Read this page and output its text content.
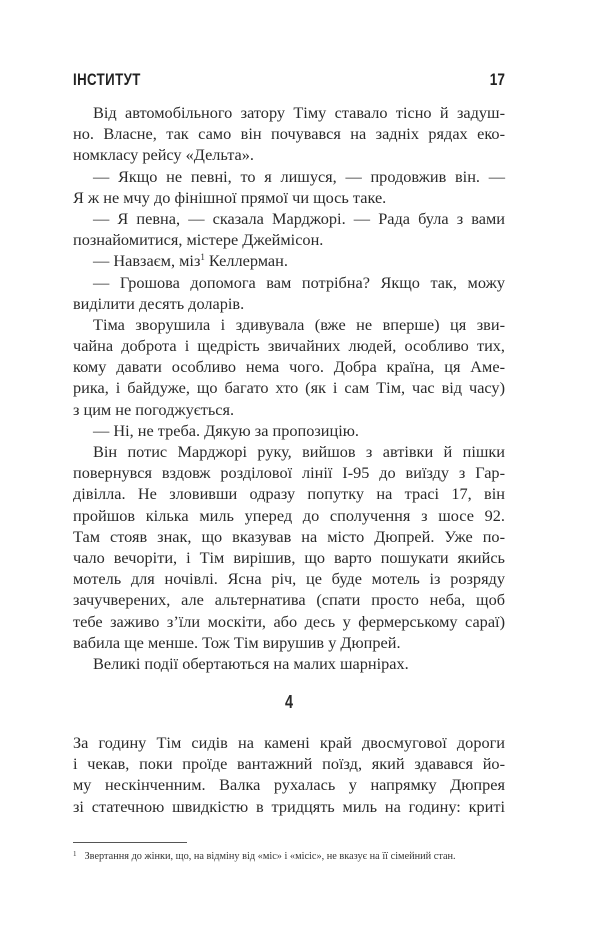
ІНСТИТУТ	17
Від автомобільного затору Тіму ставало тісно й задуш-
но. Власне, так само він почувався на задніх рядах еко-
номкласу рейсу «Дельта».
— Якщо не певні, то я лишуся, — продовжив він. —
Я ж не мчу до фінішної прямої чи щось таке.
— Я певна, — сказала Марджорі. — Рада була з вами
познайомитися, містере Джеймісон.
— Навзаєм, міз$^1$ Келлерман.
— Грошова допомога вам потрібна? Якщо так, можу
виділити десять доларів.
Тіма зворушила і здивувала (вже не вперше) ця зви-
чайна доброта і щедрість звичайних людей, особливо тих,
кому давати особливо нема чого. Добра країна, ця Аме-
рика, і байдуже, що багато хто (як і сам Тім, час від часу)
з цим не погоджується.
— Ні, не треба. Дякую за пропозицію.
Він потис Марджорі руку, вийшов з автівки й пішки
повернувся вздовж розділової лінії І-95 до виїзду з Гар-
дівілла. Не зловивши одразу попутку на трасі 17, він
пройшов кілька миль уперед до сполучення з шосе 92.
Там стояв знак, що вказував на місто Дюпрей. Уже по-
чало вечоріти, і Тім вирішив, що варто пошукати якийсь
мотель для ночівлі. Ясна річ, це буде мотель із розряду
зачучверених, але альтернатива (спати просто неба, щоб
тебе заживо з’їли москіти, або десь у фермерському сараї)
вабила ще менше. Тож Тім вирушив у Дюпрей.
Великі події обертаються на малих шарнірах.
4
За годину Тім сидів на камені край двосмугової дороги
і чекав, поки проїде вантажний поїзд, який здавався йо-
му нескінченним. Валка рухалась у напрямку Дюпрея
зі статечною швидкістю в тридцять миль на годину: криті
$^1$ Звертання до жінки, що, на відміну від «міс» і «місіс», не вказує на її сімейний стан.
